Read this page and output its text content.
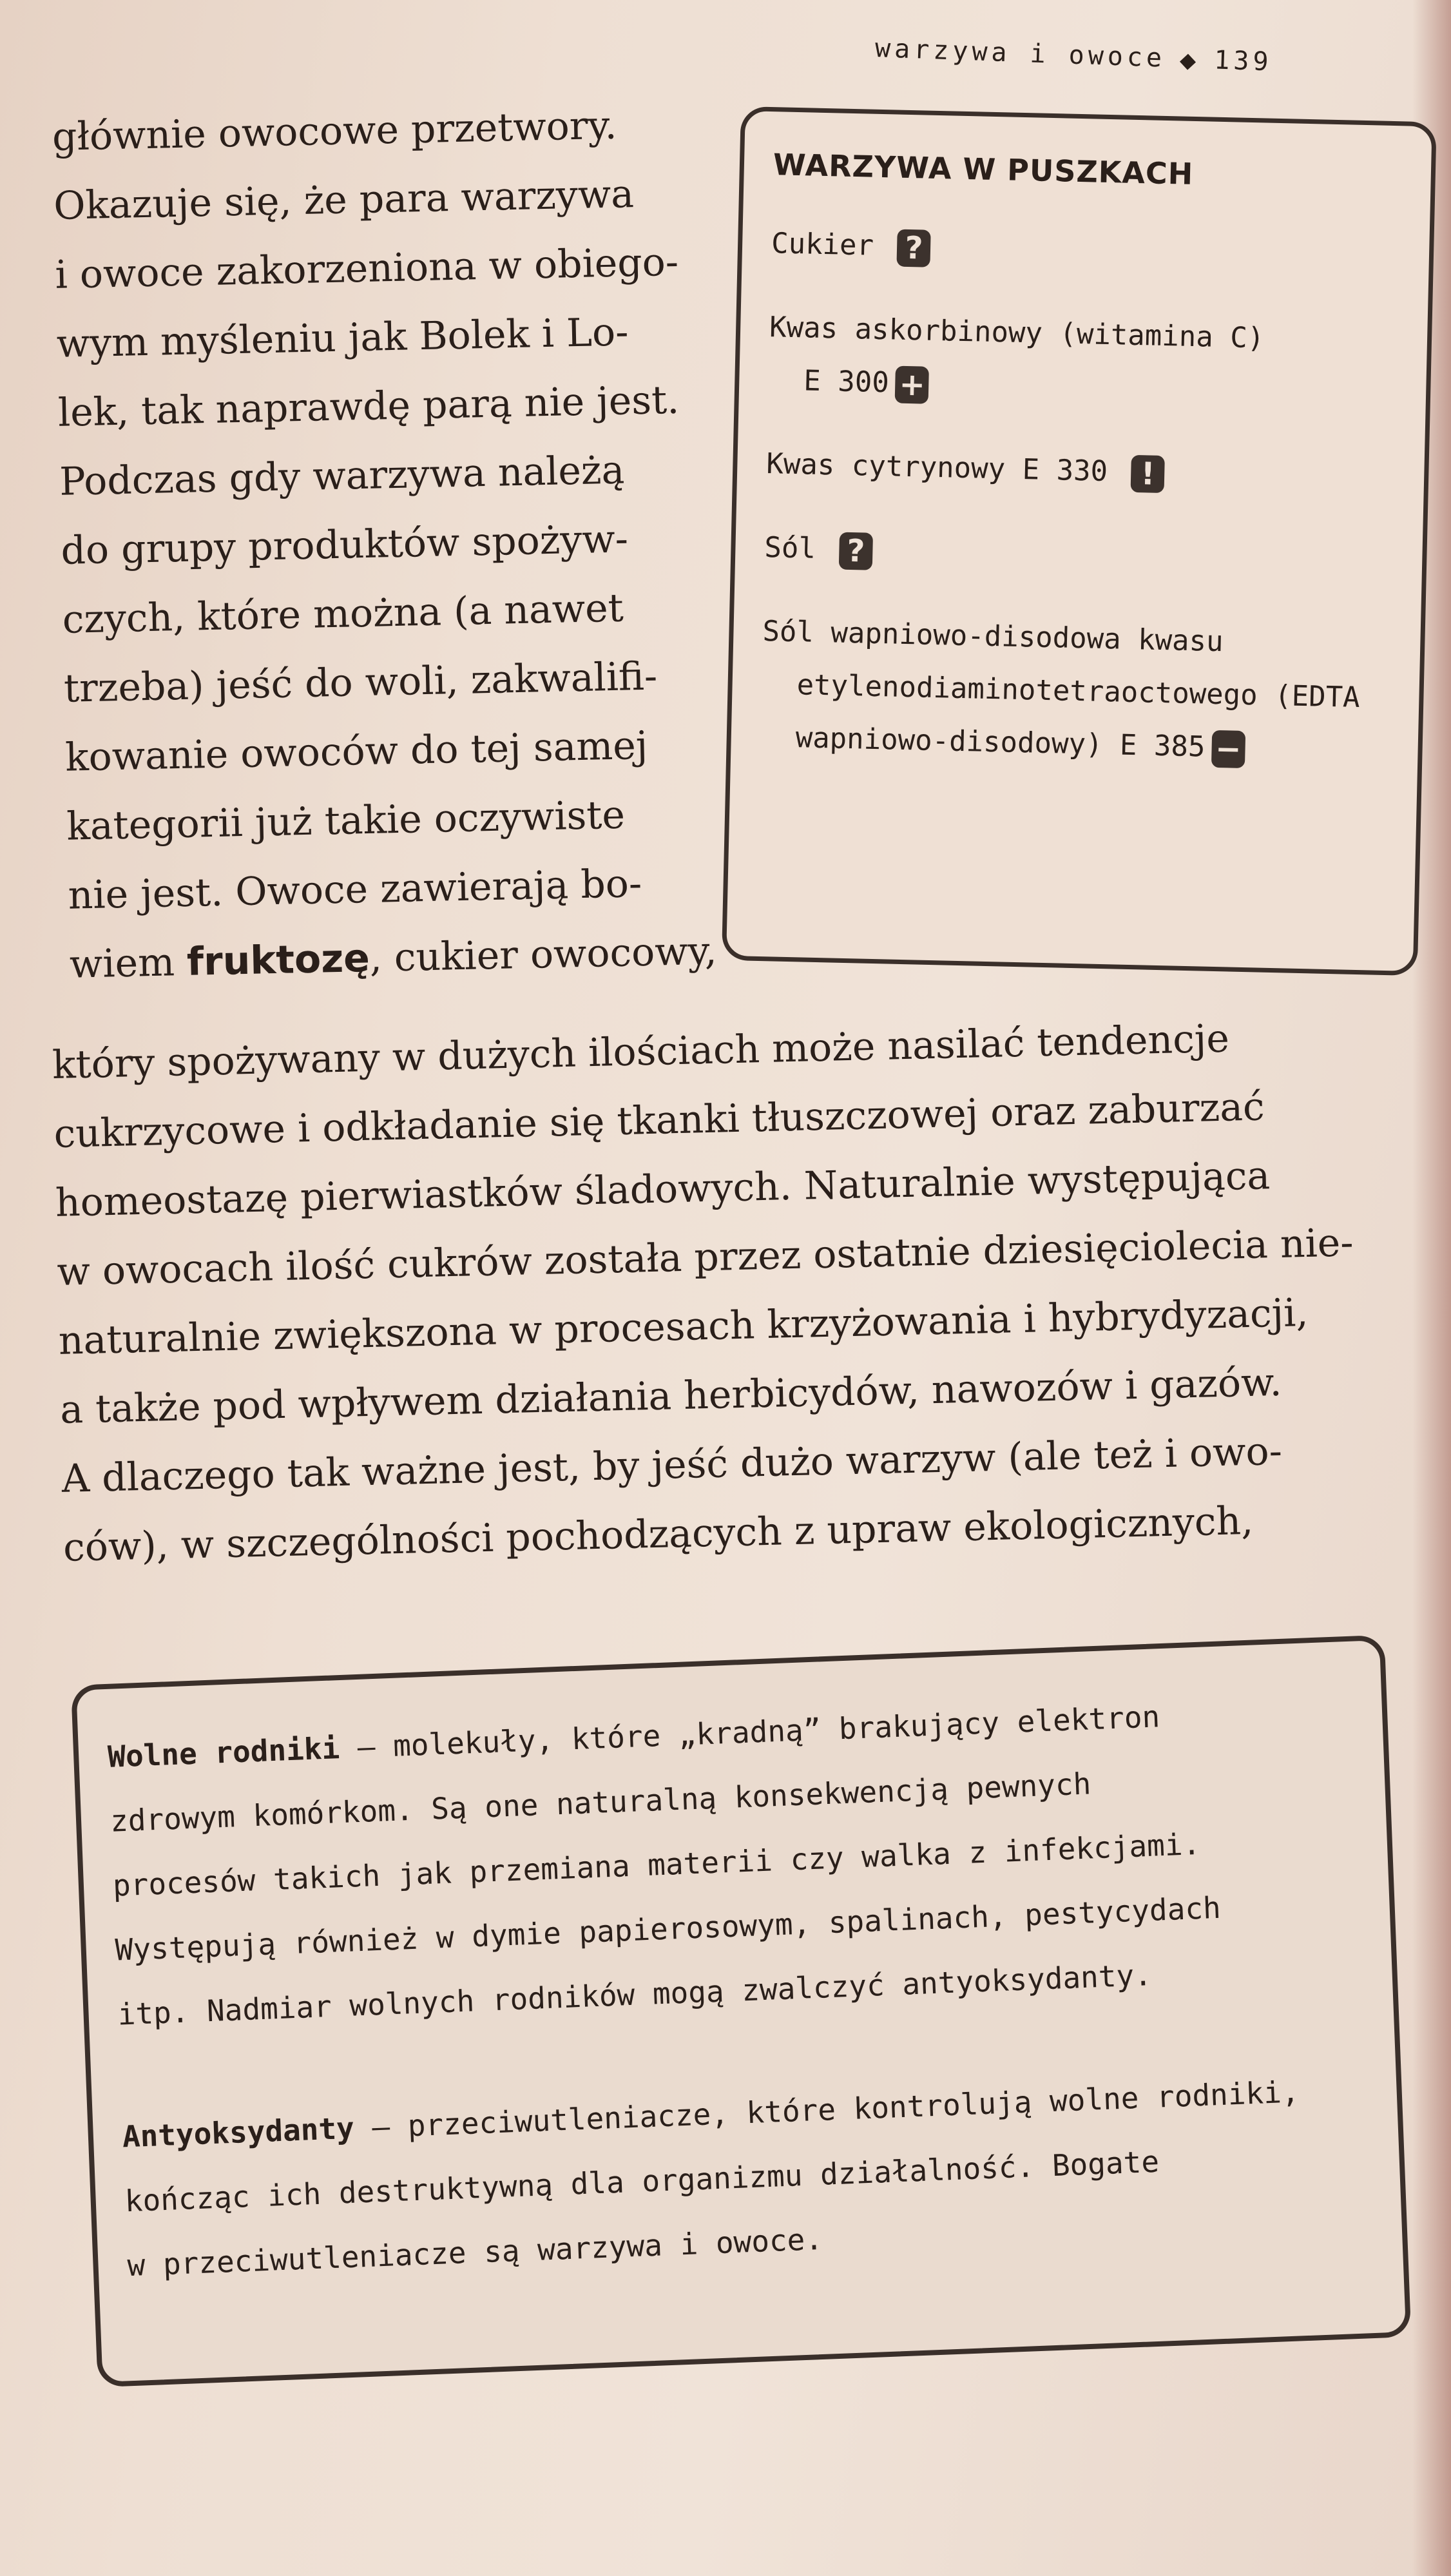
warzywa i owoce ◆ 139
głównie owocowe przetwory.
Okazuje się, że para warzywa
i owoce zakorzeniona w obiego-
wym myśleniu jak Bolek i Lo-
lek, tak naprawdę parą nie jest.
Podczas gdy warzywa należą
do grupy produktów spożyw-
czych, które można (a nawet
trzeba) jeść do woli, zakwalifi-
kowanie owoców do tej samej
kategorii już takie oczywiste
nie jest. Owoce zawierają bo-
wiem fruktozę, cukier owocowy,
WARZYWA W PUSZKACH
Cukier ?
Kwas askorbinowy (witamina C)
E 300 +
Kwas cytrynowy E 330 !
Sól ?
Sól wapniowo-disodowa kwasu
etylenodiaminotetraoctowego (EDTA
wapniowo-disodowy) E 385 −
który spożywany w dużych ilościach może nasilać tendencje
cukrzycowe i odkładanie się tkanki tłuszczowej oraz zaburzać
homeostazę pierwiastków śladowych. Naturalnie występująca
w owocach ilość cukrów została przez ostatnie dziesięciolecia nie-
naturalnie zwiększona w procesach krzyżowania i hybrydyzacji,
a także pod wpływem działania herbicydów, nawozów i gazów.
A dlaczego tak ważne jest, by jeść dużo warzyw (ale też i owo-
ców), w szczególności pochodzących z upraw ekologicznych,
Wolne rodniki – molekuły, które „kradną” brakujący elektron
zdrowym komórkom. Są one naturalną konsekwencją pewnych
procesów takich jak przemiana materii czy walka z infekcjami.
Występują również w dymie papierosowym, spalinach, pestycydach
itp. Nadmiar wolnych rodników mogą zwalczyć antyoksydanty.
Antyoksydanty – przeciwutleniacze, które kontrolują wolne rodniki,
kończąc ich destruktywną dla organizmu działalność. Bogate
w przeciwutleniacze są warzywa i owoce.
